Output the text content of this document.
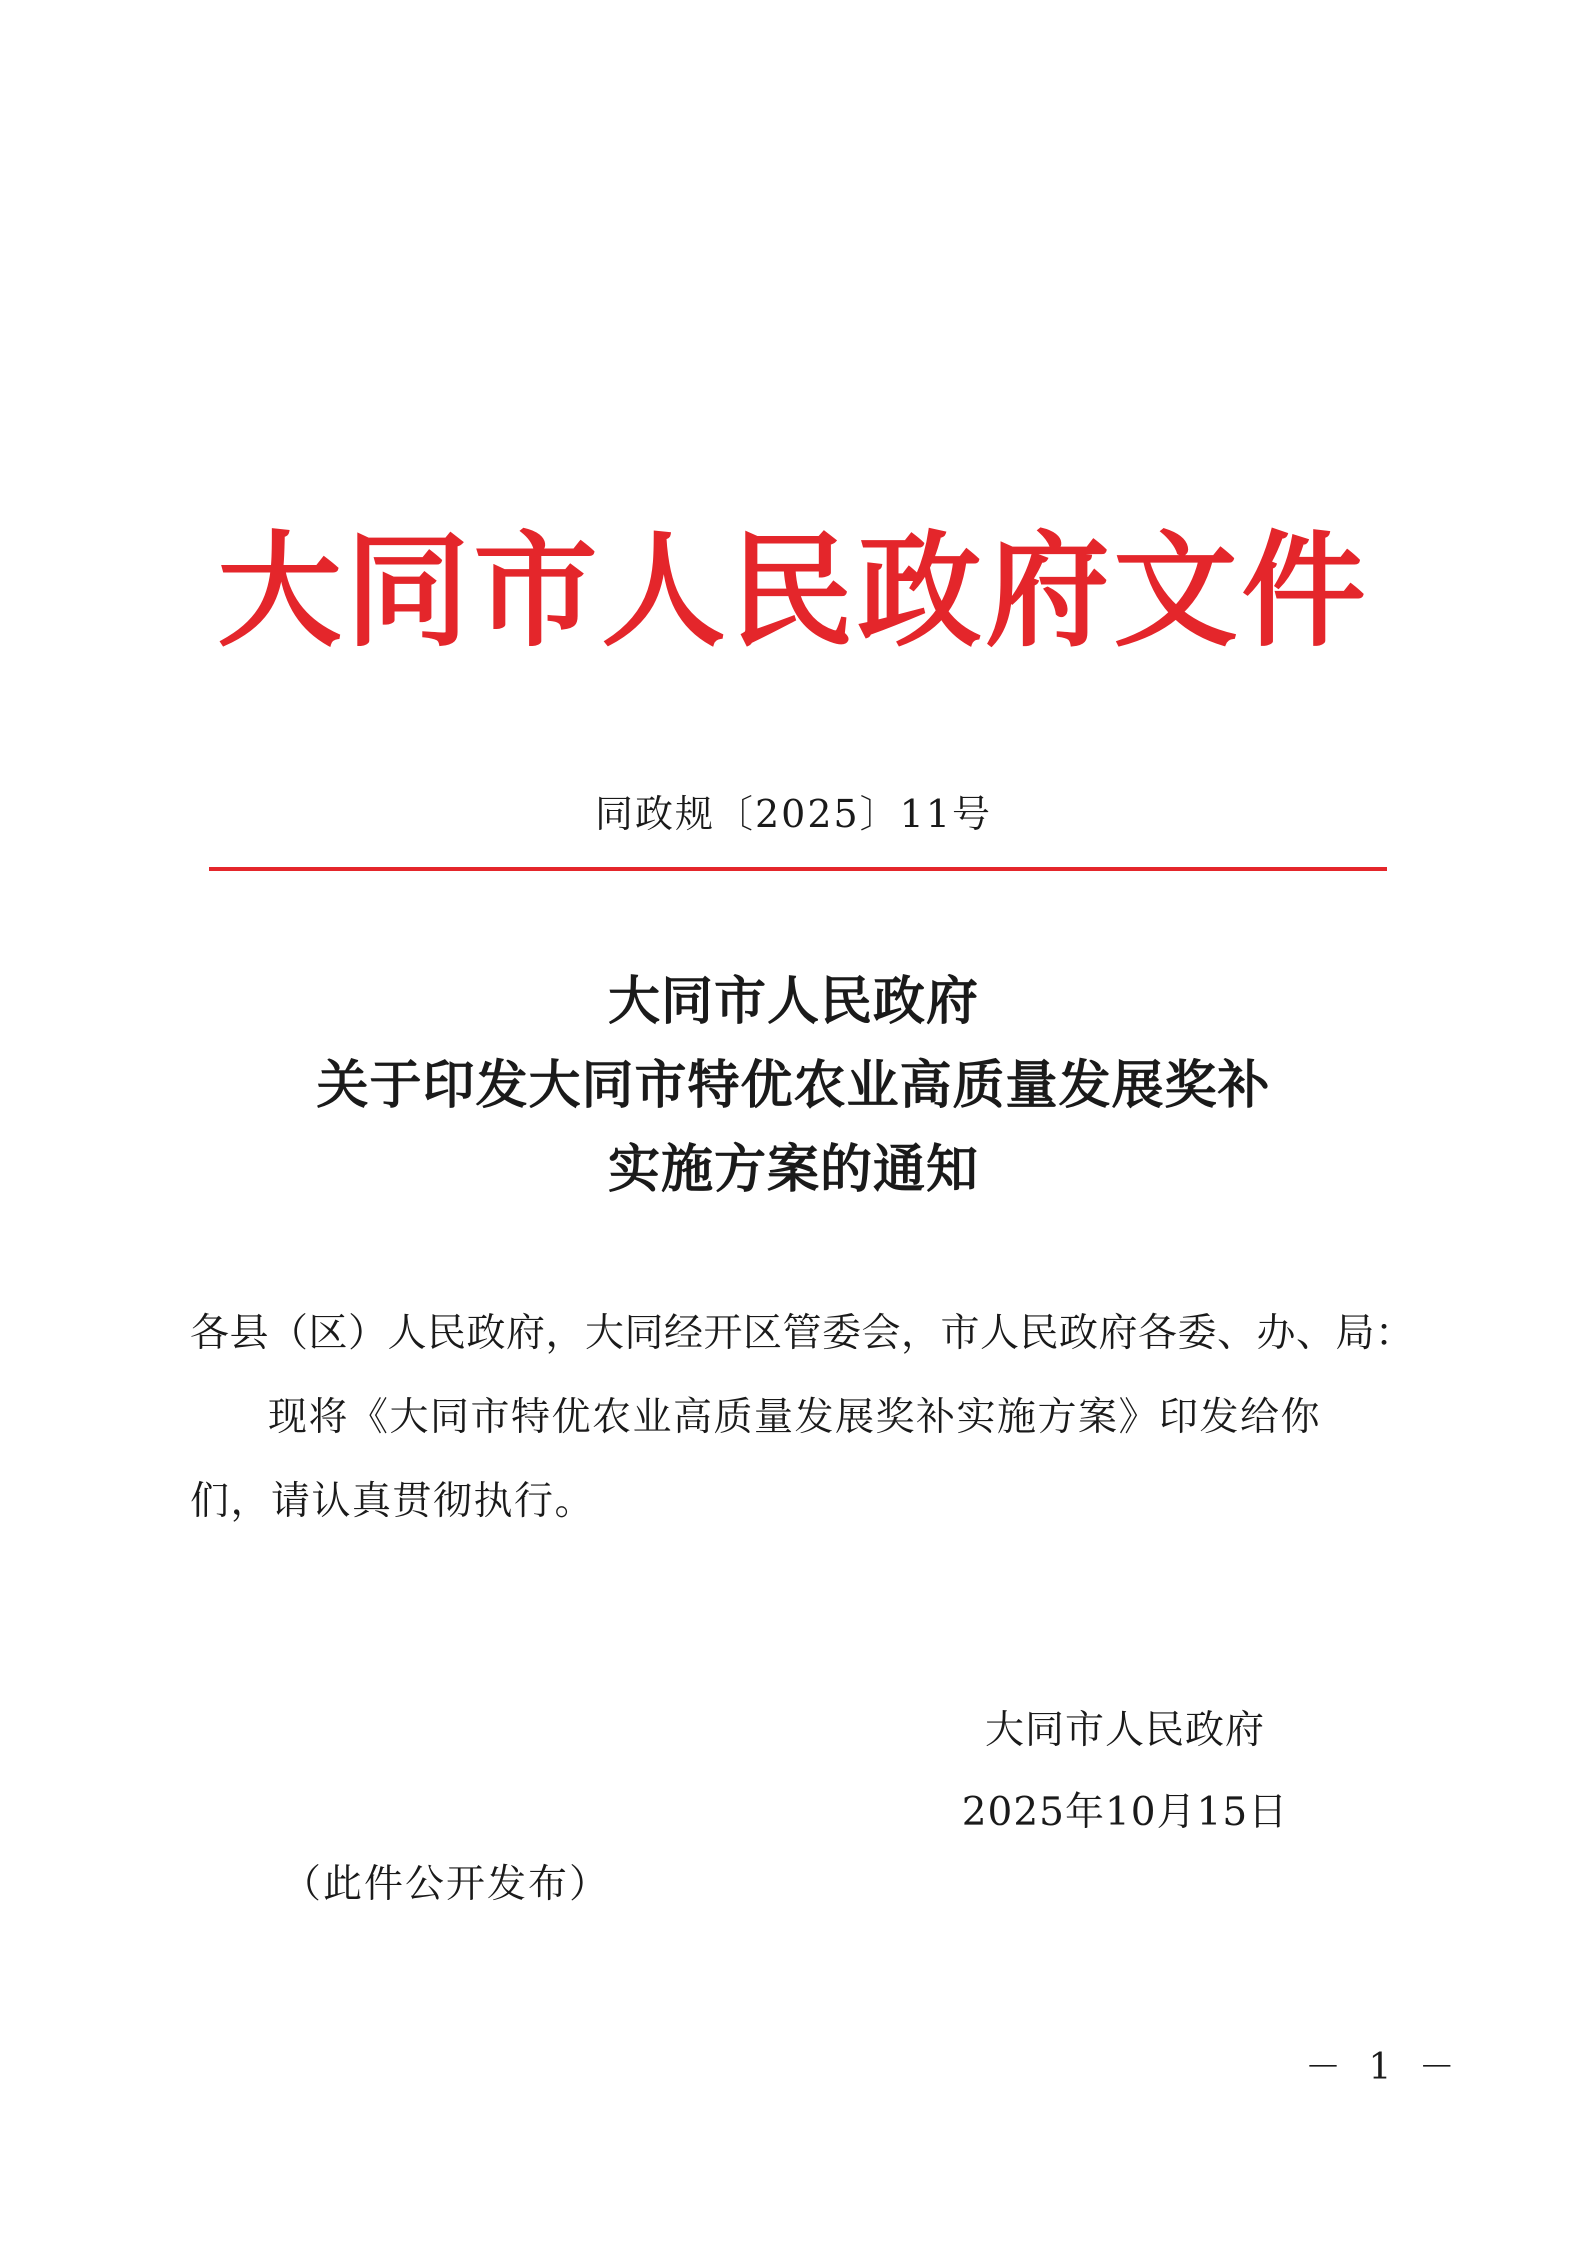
大同市人民政府文件
同政规〔2025〕11号
大同市人民政府
关于印发大同市特优农业高质量发展奖补
实施方案的通知
各县（区）人民政府，大同经开区管委会，市人民政府各委、办、局：
现将《大同市特优农业高质量发展奖补实施方案》印发给你们，请认真贯彻执行。
大同市人民政府
2025年10月15日
（此件公开发布）
－ 1 －
